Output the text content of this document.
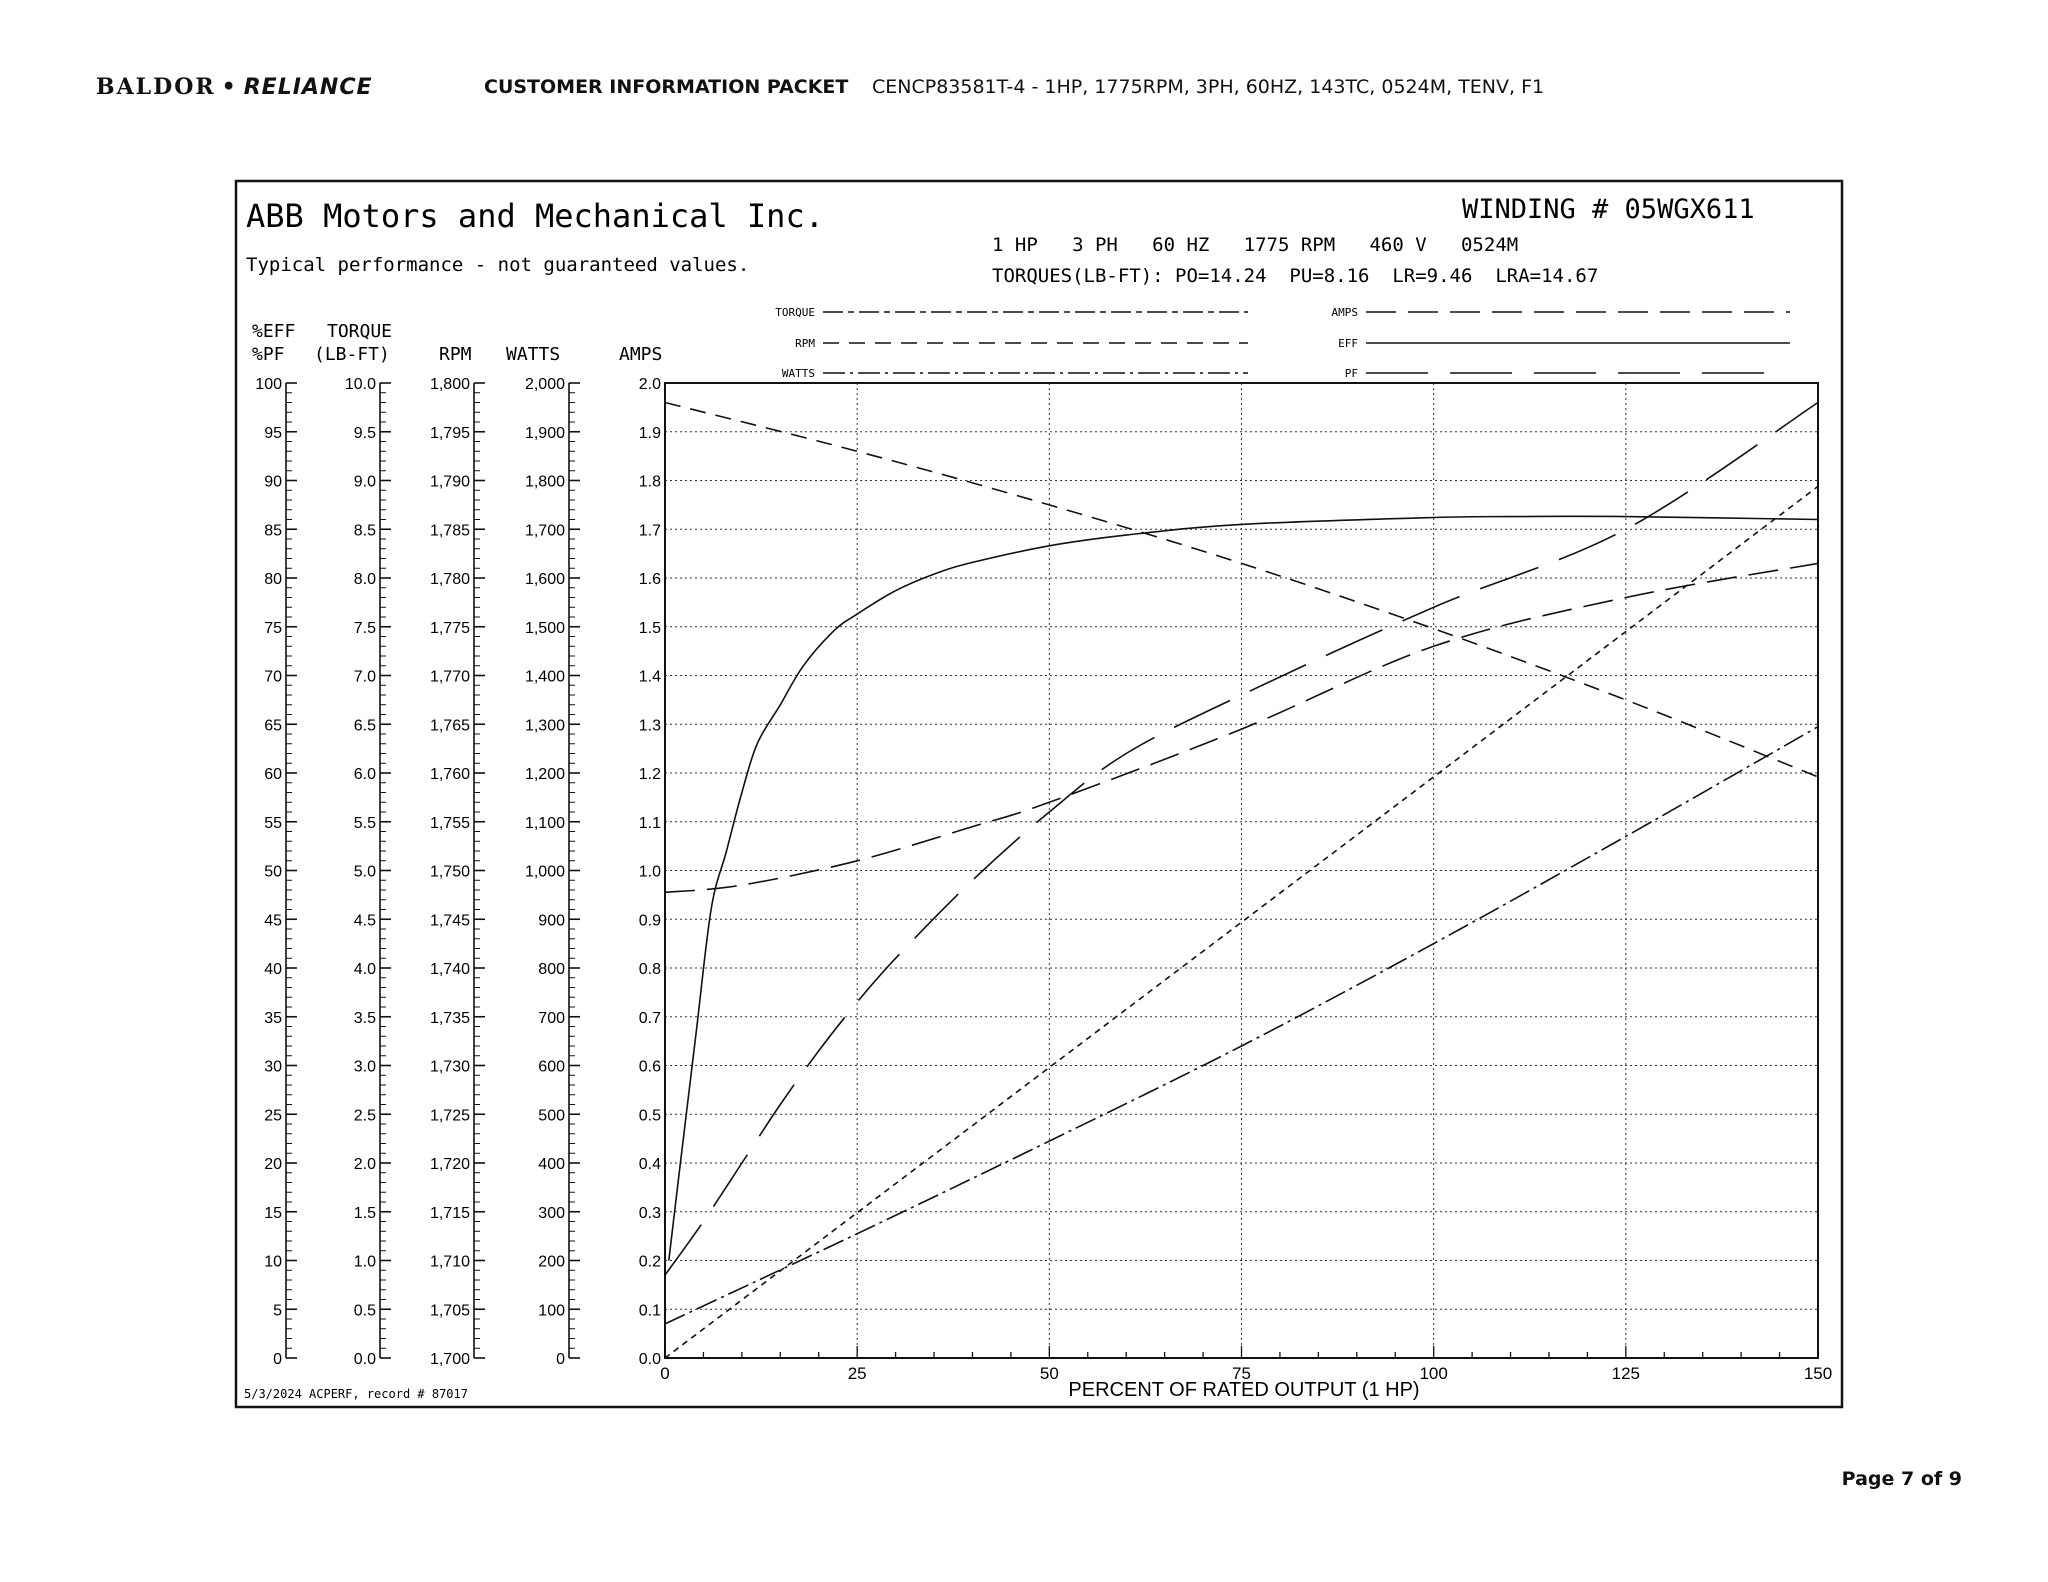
BALDOR • RELIANCE	CUSTOMER INFORMATION PACKET CENCP83581T-4 - 1HP, 1775RPM, 3PH, 60HZ, 143TC, 0524M, TENV, F1
ABB Motors and Mechanical Inc.
Typical performance - not guaranteed values.
WINDING # 05WGX611
1 HP   3 PH   60 HZ   1775 RPM   460 V   0524M
TORQUES(LB-FT): PO=14.24  PU=8.16  LR=9.46  LRA=14.67
%EFF
%PF
TORQUE
(LB-FT)	RPM WATTS	AMPS
TORQUE
RPM
WATTS
AMPS
EFF
PF
100
95
90
85
80
75
70
65
60
55
50
45
40
35
30
25
20
15
10
5
0
10.0
9.5
9.0
8.5
8.0
7.5
7.0
6.5
6.0
5.5
5.0
4.5
4.0
3.5
3.0
2.5
2.0
1.5
1.0
0.5
0.0
1,800
1,795
1,790
1,785
1,780
1,775
1,770
1,765
1,760
1,755
1,750
1,745
1,740
1,735
1,730
1,725
1,720
1,715
1,710
1,705
1,700
2,000
1,900
1,800
1,700
1,600
1,500
1,400
1,300
1,200
1,100
1,000
900
800
700
600
500
400
300
200
100
0
2.0
1.9
1.8
1.7
1.6
1.5
1.4
1.3
1.2
1.1
1.0
0.9
0.8
0.7
0.6
0.5
0.4
0.3
0.2
0.1
0.0
0	25	50	75	100	125	150
PERCENT OF RATED OUTPUT (1 HP)
5/3/2024 ACPERF, record # 87017
Page 7 of 9
